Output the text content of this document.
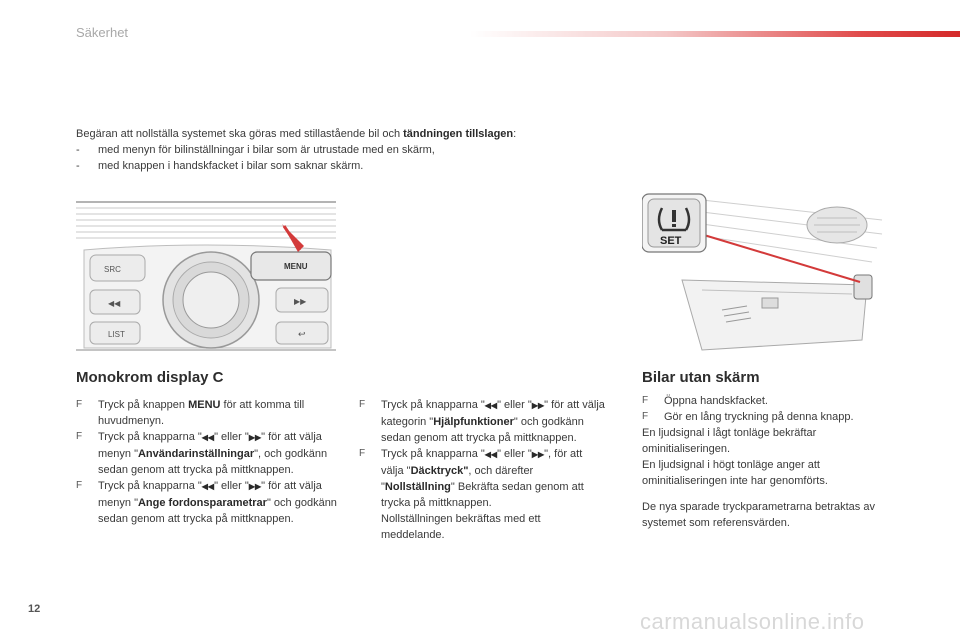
Säkerhet

Begäran att nollställa systemet ska göras med stillastående bil och tändningen tillslagen:

- med menyn för bilinställningar i bilar som är utrustade med en skärm,

- med knappen i handskfacket i bilar som saknar skärm.

SRC
◀◀
LIST
MENU
▶▶
↩
SET
Monokrom display C
F Tryck på knappen MENU för att komma till huvudmenyn.
F Tryck på knapparna "◀◀" eller "▶▶" för att välja menyn "Användarinställningar", och godkänn sedan genom att trycka på mittknappen.
F Tryck på knapparna "◀◀" eller "▶▶" för att välja menyn "Ange fordonsparametrar" och godkänn sedan genom att trycka på mittknappen.
F Tryck på knapparna "◀◀" eller "▶▶" för att välja kategorin "Hjälpfunktioner" och godkänn sedan genom att trycka på mittknappen.
F Tryck på knapparna "◀◀" eller "▶▶", för att välja "Däcktryck", och därefter "Nollställning" Bekräfta sedan genom att trycka på mittknappen.
Nollställningen bekräftas med ett meddelande.
Bilar utan skärm
F Öppna handskfacket.
F Gör en lång tryckning på denna knapp.

En ljudsignal i lågt tonläge bekräftar ominitialiseringen.

En ljudsignal i högt tonläge anger att ominitialiseringen inte har genomförts.

De nya sparade tryckparametrarna betraktas av systemet som referensvärden.

12	carmanualsonline.info
